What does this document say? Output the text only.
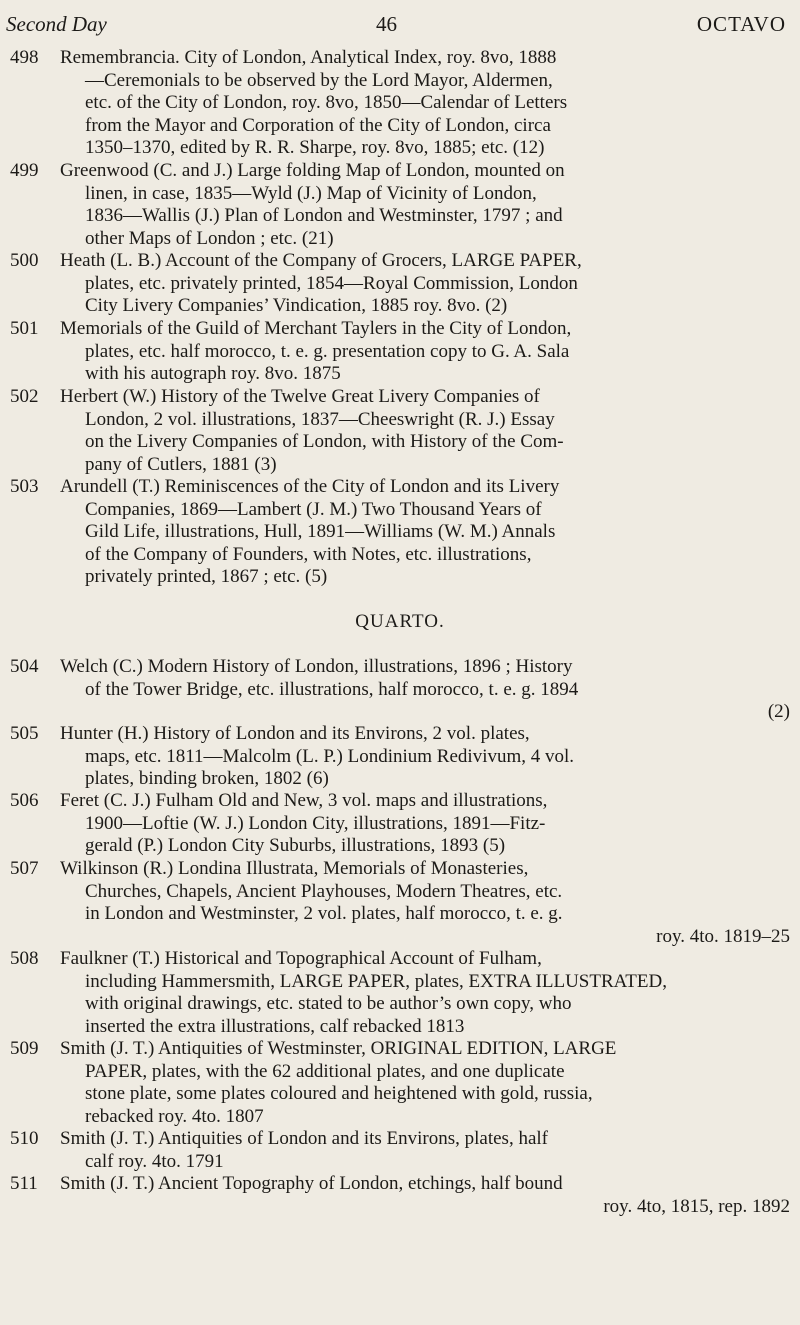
Second Day	46	OCTAVO
498	Remembrancia. City of London, Analytical Index, roy. 8vo, 1888
—Ceremonials to be observed by the Lord Mayor, Aldermen,
etc. of the City of London, roy. 8vo, 1850—Calendar of Letters
from the Mayor and Corporation of the City of London, circa
1350–1370, edited by R. R. Sharpe, roy. 8vo, 1885; etc. (12)
499	Greenwood (C. and J.) Large folding Map of London, mounted on
linen, in case, 1835—Wyld (J.) Map of Vicinity of London,
1836—Wallis (J.) Plan of London and Westminster, 1797 ; and
other Maps of London ; etc. (21)
500	Heath (L. B.) Account of the Company of Grocers, LARGE PAPER,
plates, etc. privately printed, 1854—Royal Commission, London
City Livery Companies’ Vindication, 1885 roy. 8vo. (2)
501	Memorials of the Guild of Merchant Taylers in the City of London,
plates, etc. half morocco, t. e. g. presentation copy to G. A. Sala
with his autograph roy. 8vo. 1875
502	Herbert (W.) History of the Twelve Great Livery Companies of
London, 2 vol. illustrations, 1837—Cheeswright (R. J.) Essay
on the Livery Companies of London, with History of the Com-
pany of Cutlers, 1881 (3)
503	Arundell (T.) Reminiscences of the City of London and its Livery
Companies, 1869—Lambert (J. M.) Two Thousand Years of
Gild Life, illustrations, Hull, 1891—Williams (W. M.) Annals
of the Company of Founders, with Notes, etc. illustrations,
privately printed, 1867 ; etc. (5)
QUARTO.
504	Welch (C.) Modern History of London, illustrations, 1896 ; History
of the Tower Bridge, etc. illustrations, half morocco, t. e. g. 1894
(2)
505	Hunter (H.) History of London and its Environs, 2 vol. plates,
maps, etc. 1811—Malcolm (L. P.) Londinium Redivivum, 4 vol.
plates, binding broken, 1802 (6)
506	Feret (C. J.) Fulham Old and New, 3 vol. maps and illustrations,
1900—Loftie (W. J.) London City, illustrations, 1891—Fitz-
gerald (P.) London City Suburbs, illustrations, 1893 (5)
507	Wilkinson (R.) Londina Illustrata, Memorials of Monasteries,
Churches, Chapels, Ancient Playhouses, Modern Theatres, etc.
in London and Westminster, 2 vol. plates, half morocco, t. e. g.
roy. 4to. 1819–25
508	Faulkner (T.) Historical and Topographical Account of Fulham,
including Hammersmith, LARGE PAPER, plates, EXTRA ILLUSTRATED,
with original drawings, etc. stated to be author’s own copy, who
inserted the extra illustrations, calf rebacked 1813
509	Smith (J. T.) Antiquities of Westminster, ORIGINAL EDITION, LARGE
PAPER, plates, with the 62 additional plates, and one duplicate
stone plate, some plates coloured and heightened with gold, russia,
rebacked roy. 4to. 1807
510	Smith (J. T.) Antiquities of London and its Environs, plates, half
calf roy. 4to. 1791
511	Smith (J. T.) Ancient Topography of London, etchings, half bound
roy. 4to, 1815, rep. 1892
